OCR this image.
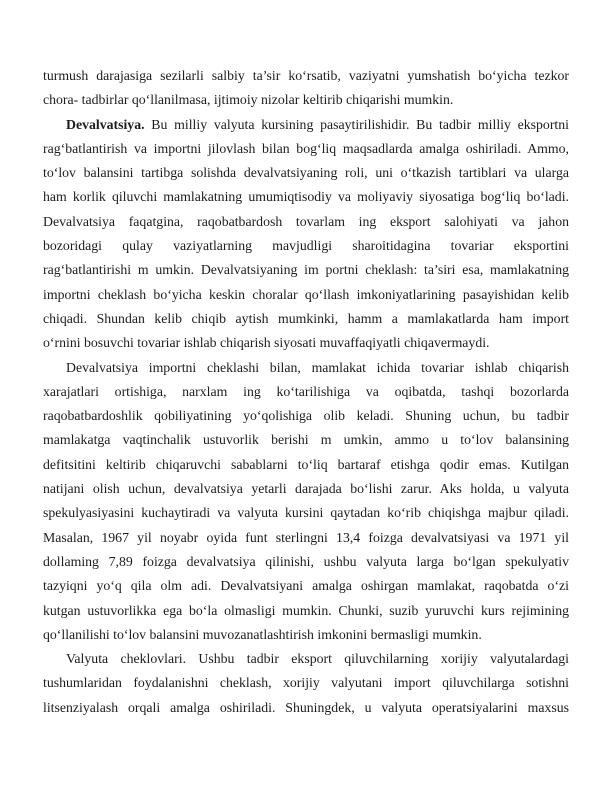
turmush darajasiga sezilarli salbiy ta’sir ko‘rsatib, vaziyatni yumshatish bo‘yicha tezkor
chora- tadbirlar qo‘llanilmasa, ijtimoiy nizolar keltirib chiqarishi mumkin.
Devalvatsiya. Bu milliy valyuta kursining pasaytirilishidir. Bu tadbir milliy eksportni
rag‘batlantirish va importni jilovlash bilan bog‘liq maqsadlarda amalga oshiriladi. Ammo,
to‘lov balansini tartibga solishda devalvatsiyaning roli, uni o‘tkazish tartiblari va ularga
ham korlik qiluvchi mamlakatning umumiqtisodiy va moliyaviy siyosatiga bog‘liq bo‘ladi.
Devalvatsiya faqatgina, raqobatbardosh tovarlam ing eksport salohiyati va jahon
bozoridagi qulay vaziyatlarning mavjudligi sharoitidagina tovariar eksportini
rag‘batlantirishi m umkin. Devalvatsiyaning im portni cheklash: ta’siri esa, mamlakatning
importni cheklash bo‘yicha keskin choralar qo‘llash imkoniyatlarining pasayishidan kelib
chiqadi. Shundan kelib chiqib aytish mumkinki, hamm a mamlakatlarda ham import
o‘rnini bosuvchi tovariar ishlab chiqarish siyosati muvaffaqiyatli chiqavermaydi.
Devalvatsiya importni cheklashi bilan, mamlakat ichida tovariar ishlab chiqarish
xarajatlari ortishiga, narxlam ing ko‘tarilishiga va oqibatda, tashqi bozorlarda
raqobatbardoshlik qobiliyatining yo‘qolishiga olib keladi. Shuning uchun, bu tadbir
mamlakatga vaqtinchalik ustuvorlik berishi m umkin, ammo u to‘lov balansining
defitsitini keltirib chiqaruvchi sabablarni to‘liq bartaraf etishga qodir emas. Kutilgan
natijani olish uchun, devalvatsiya yetarli darajada bo‘lishi zarur. Aks holda, u valyuta
spekulyasiyasini kuchaytiradi va valyuta kursini qaytadan ko‘rib chiqishga majbur qiladi.
Masalan, 1967 yil noyabr oyida funt sterlingni 13,4 foizga devalvatsiyasi va 1971 yil
dollaming 7,89 foizga devalvatsiya qilinishi, ushbu valyuta larga bo‘lgan spekulyativ
tazyiqni yo‘q qila olm adi. Devalvatsiyani amalga oshirgan mamlakat, raqobatda o‘zi
kutgan ustuvorlikka ega bo‘la olmasligi mumkin. Chunki, suzib yuruvchi kurs rejimining
qo‘llanilishi to‘lov balansini muvozanatlashtirish imkonini bermasligi mumkin.
Valyuta cheklovlari. Ushbu tadbir eksport qiluvchilarning xorijiy valyutalardagi
tushumlaridan foydalanishni cheklash, xorijiy valyutani import qiluvchilarga sotishni
litsenziyalash orqali amalga oshiriladi. Shuningdek, u valyuta operatsiyalarini maxsus
